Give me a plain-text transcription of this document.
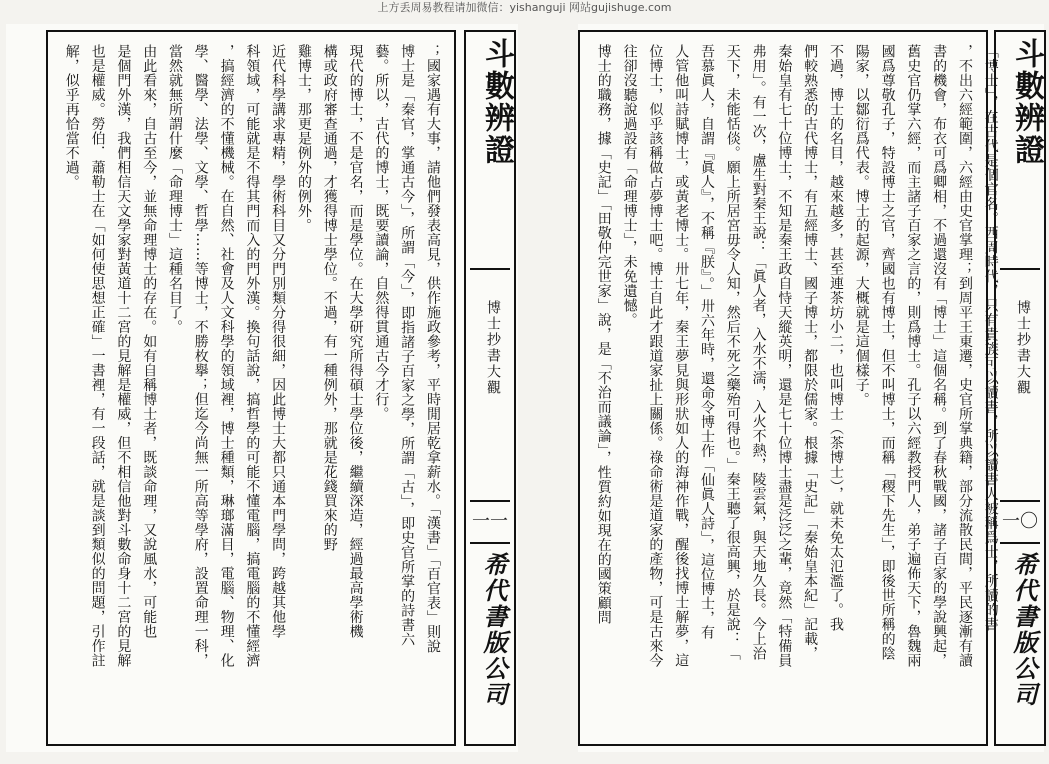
上方丢周易教程请加微信：yishanguji 网站gujishuge.com

；國家遇有大事，請他們發表高見，供作施政參考，平時閒居乾拿薪水。「漢書」「百官表」則說

博士是「秦官，掌通古今」，所謂「今」，即指諸子百家之學，所謂「古」，即史官所掌的詩書六

藝。所以，古代的博士，既要讀論，自然得貫通古今才行。

現代的博士，不是官名，而是學位。在大學研究所得碩士學位後，繼續深造，經過最高學術機

構或政府審查通過，才獲得博士學位。不過，有一種例外，那就是花錢買來的野

雞博士，那更是例外的例外。

近代科學講求專精，學術科目又分門別類分得很細，因此博士大都只通本門學問，跨越其他學

科領域，可能就是不得其門而入的門外漢。換句話說，搞哲學的可能不懂電腦，搞電腦的不懂經濟

，搞經濟的不懂機械。在自然、社會及人文科學的領域裡，博士種類，琳瑯滿目，電腦、物理、化

學、醫學、法學、文學、哲學……等博士，不勝枚擧；但迄今尚無一所高等學府，設置命理一科，

當然就無所謂什麼「命理博士」這種名目了。

由此看來，自古至今，並無命理博士的存在。如有自稱博士者，既談命理，又說風水，可能也

是個門外漢，我們相信天文學家對黃道十二宮的見解是權威，但不相信他對斗數命身十二宮的見解

也是權威。勞伯．蕭勒士在「如何使思想正確」一書裡，有一段話，就是談到類似的問題，引作註

解，似乎再恰當不過。	斗數辨證
博士抄書大觀
一一
希代書版公司	「博士」，在古代是個官名。西周時代，只有貴族可以讀書，所以讀書人被稱爲士，所讀的書

，不出六經範圍，六經由史官掌理；到周平王東遷，史官所掌典籍，部分流散民間，平民逐漸有讀

書的機會，布衣可爲卿相，不過還沒有「博士」這個名稱。到了春秋戰國，諸子百家的學說興起，

舊史官仍掌六經，而主諸子百家之言的，則爲博士。孔子以六經教授門人，弟子遍佈天下，魯魏兩

國爲尊敬孔子，特設博士之官，齊國也有博士，但不叫博士，而稱「稷下先生」，即後世所稱的陰

陽家，以鄒衍爲代表。博士的起源，大概就是這個樣子。

不過，博士的名目，越來越多，甚至連茶坊小二，也叫博士（茶博士），就未免太氾濫了。我

們較熟悉的古代博士，有五經博士、國子博士，都限於儒家。根據「史記」「秦始皇本紀」記載，

秦始皇有七十位博士，不知是秦王政自恃天縱英明，還是七十位博士盡是泛泛之輩，竟然「特備員

弗用」。有一次，盧生對秦王說：「眞人者，入水不濡，入火不熱，陵雲氣，與天地久長。今上治

天下，未能恬倓。願上所居宮毋令人知，然后不死之藥殆可得也。」秦王聽了很高興，於是說：「

吾慕眞人，自謂『眞人』，不稱『朕』。」卅六年時，還命令博士作「仙眞人詩」，這位博士，有

人管他叫詩賦博士，或黃老博士。卅七年，秦王夢見與形狀如人的海神作戰，醒後找博士解夢，這

位博士，似乎該稱做占夢博士吧。博士自此才跟道家扯上關係。祿命術是道家的產物，可是古來今

往卻沒聽說過設有「命理博士」，未免遺憾。

博士的職務，據「史記」「田敬仲完世家」說，是「不治而議論」，性質約如現在的國策顧問	斗數辨證
博士抄書大觀
一〇
希代書版公司
